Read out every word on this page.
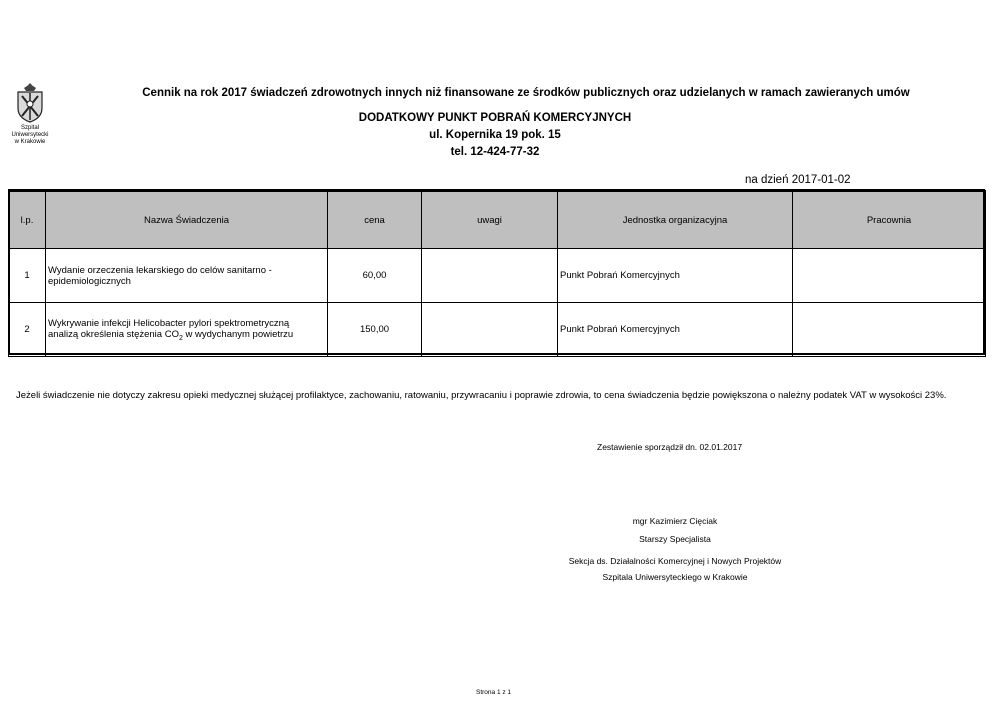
Szpital
Uniwersytecki
w Krakowie
Cennik na rok 2017 świadczeń zdrowotnych innych niż finansowane ze środków publicznych oraz udzielanych w ramach zawieranych umów
DODATKOWY PUNKT POBRAŃ KOMERCYJNYCH
ul. Kopernika 19 pok. 15
tel. 12-424-77-32
na dzień 2017-01-02
l.p.	Nazwa Świadczenia	cena	uwagi	Jednostka organizacyjna	Pracownia
1	Wydanie orzeczenia lekarskiego do celów sanitarno - epidemiologicznych	60,00		Punkt Pobrań Komercyjnych	
2	Wykrywanie infekcji Helicobacter pylori spektrometryczną
analizą określenia stężenia $CO_2$ w wydychanym powietrzu	150,00		Punkt Pobrań Komercyjnych	
Jeżeli świadczenie nie dotyczy zakresu opieki medycznej służącej profilaktyce, zachowaniu, ratowaniu, przywracaniu i poprawie zdrowia, to cena świadczenia będzie powiększona o należny podatek VAT w wysokości 23%.
Zestawienie sporządził dn. 02.01.2017
mgr Kazimierz Cięciak
Starszy Specjalista
Sekcja ds. Działalności Komercyjnej i Nowych Projektów
Szpitala Uniwersyteckiego w Krakowie
Strona 1 z 1
